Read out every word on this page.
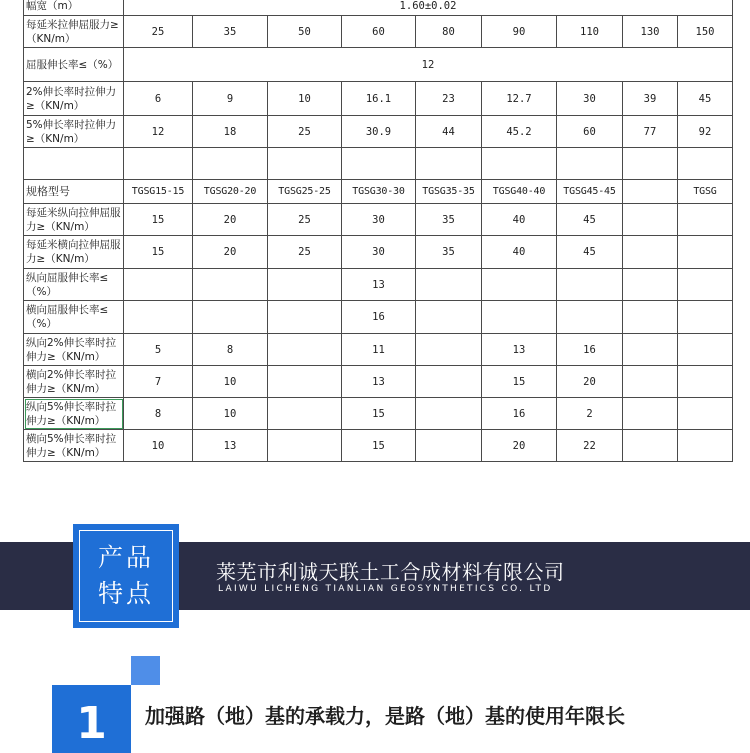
幅宽（m）	1.60±0.02								
每延米拉伸屈服力≥（KN/m）	25	35	50	60	80	90	110	130	150
屈服伸长率≤（%）	12								
2%伸长率时拉伸力≥（KN/m）	6	9	10	16.1	23	12.7	30	39	45
5%伸长率时拉伸力≥（KN/m）	12	18	25	30.9	44	45.2	60	77	92

规格型号	TGSG15-15	TGSG20-20	TGSG25-25	TGSG30-30	TGSG35-35	TGSG40-40	TGSG45-45		TGSG
每延米纵向拉伸屈服力≥（KN/m）	15	20	25	30	35	40	45		
每延米横向拉伸屈服力≥（KN/m）	15	20	25	30	35	40	45		
纵向屈服伸长率≤（%）				13					
横向屈服伸长率≤（%）				16					
纵向2%伸长率时拉伸力≥（KN/m）	5	8		11		13	16		
横向2%伸长率时拉伸力≥（KN/m）	7	10		13		15	20		
纵向5%伸长率时拉伸力≥（KN/m）	8	10		15		16	2		
横向5%伸长率时拉伸力≥（KN/m）	10	13		15		20	22		
产品
特点
莱芜市利诚天联土工合成材料有限公司
LAIWU LICHENG TIANLIAN GEOSYNTHETICS CO. LTD
1	加强路（地）基的承载力，是路（地）基的使用年限长
